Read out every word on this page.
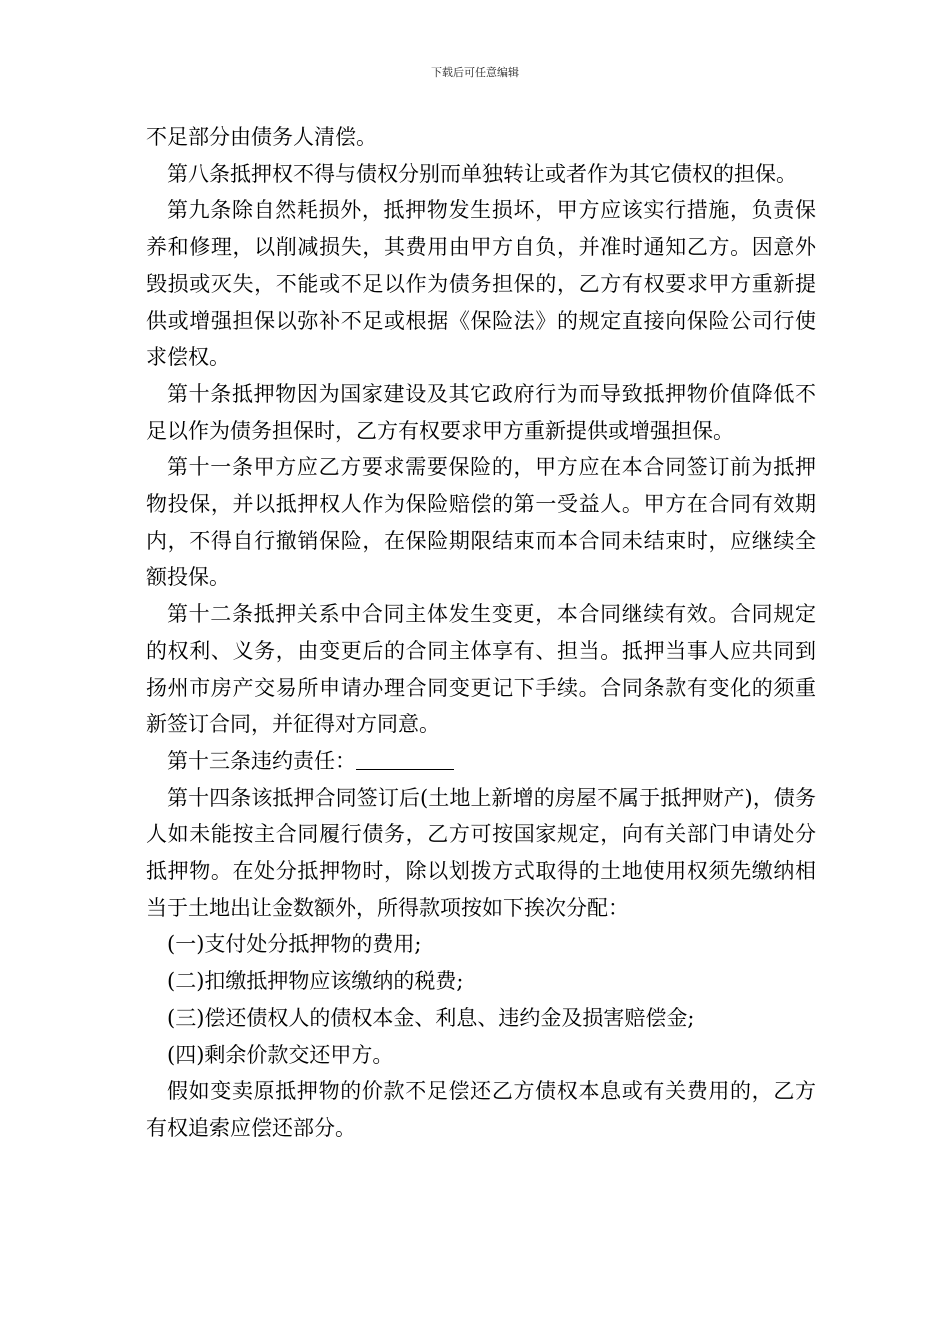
下载后可任意编辑

不足部分由债务人清偿。

第八条抵押权不得与债权分别而单独转让或者作为其它债权的担保。

第九条除自然耗损外，抵押物发生损坏，甲方应该实行措施，负责保养和修理，以削减损失，其费用由甲方自负，并准时通知乙方。因意外毁损或灭失，不能或不足以作为债务担保的，乙方有权要求甲方重新提供或增强担保以弥补不足或根据《保险法》的规定直接向保险公司行使求偿权。

第十条抵押物因为国家建设及其它政府行为而导致抵押物价值降低不足以作为债务担保时，乙方有权要求甲方重新提供或增强担保。

第十一条甲方应乙方要求需要保险的，甲方应在本合同签订前为抵押物投保，并以抵押权人作为保险赔偿的第一受益人。甲方在合同有效期内，不得自行撤销保险，在保险期限结束而本合同未结束时，应继续全额投保。

第十二条抵押关系中合同主体发生变更，本合同继续有效。合同规定的权利、义务，由变更后的合同主体享有、担当。抵押当事人应共同到扬州市房产交易所申请办理合同变更记下手续。合同条款有变化的须重新签订合同，并征得对方同意。

第十三条违约责任：

第十四条该抵押合同签订后(土地上新增的房屋不属于抵押财产)，债务人如未能按主合同履行债务，乙方可按国家规定，向有关部门申请处分抵押物。在处分抵押物时，除以划拨方式取得的土地使用权须先缴纳相当于土地出让金数额外，所得款项按如下挨次分配：

(一)支付处分抵押物的费用;

(二)扣缴抵押物应该缴纳的税费;

(三)偿还债权人的债权本金、利息、违约金及损害赔偿金;

(四)剩余价款交还甲方。

假如变卖原抵押物的价款不足偿还乙方债权本息或有关费用的，乙方有权追索应偿还部分。
